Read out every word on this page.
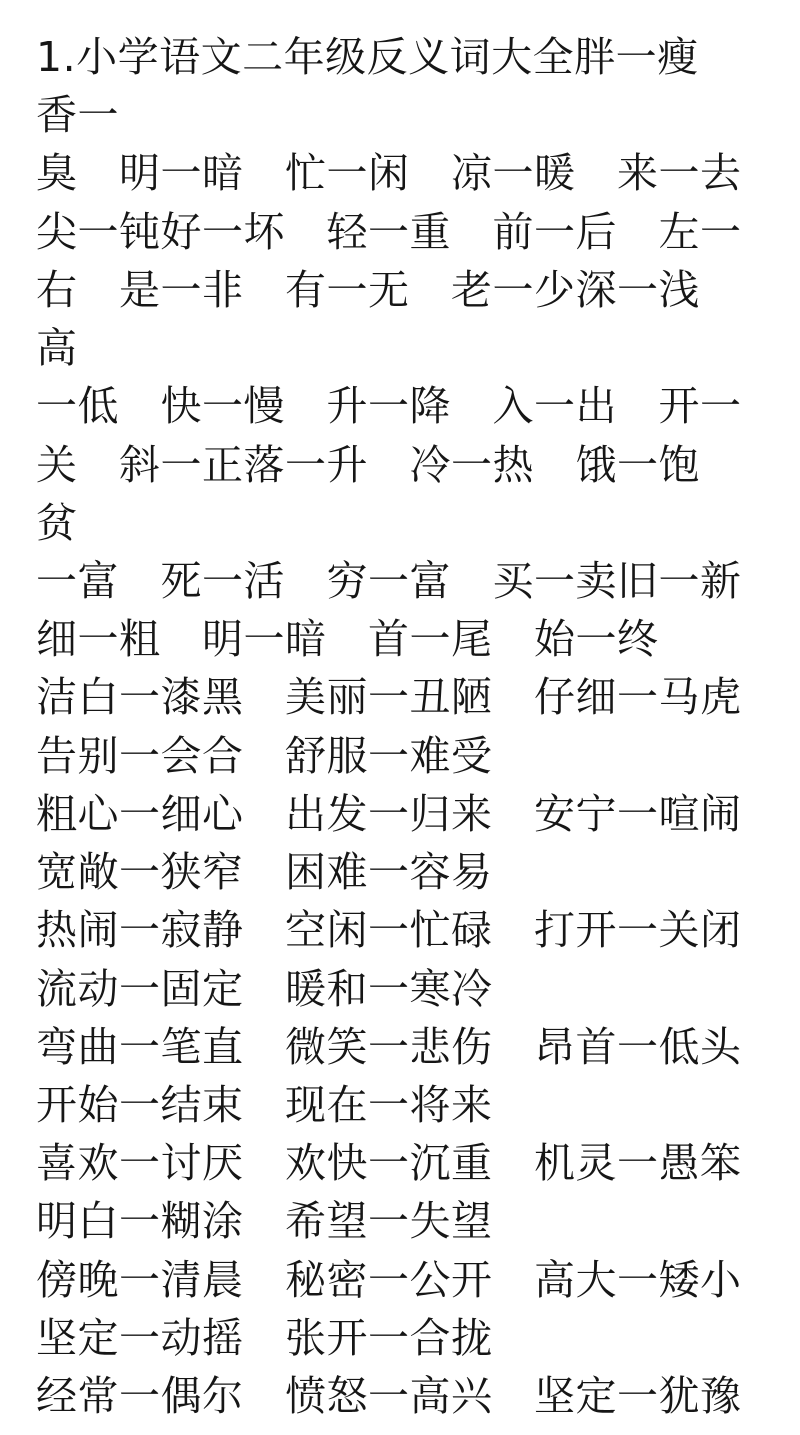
1.小学语文二年级反义词大全胖一瘦　香一
臭　明一暗　忙一闲　凉一暖　来一去
尖一钝好一坏　轻一重　前一后　左一
右　是一非　有一无　老一少深一浅　高
一低　快一慢　升一降　入一出　开一
关　斜一正落一升　冷一热　饿一饱　贫
一富　死一活　穷一富　买一卖旧一新
细一粗　明一暗　首一尾　始一终
洁白一漆黑　美丽一丑陋　仔细一马虎
告别一会合　舒服一难受
粗心一细心　出发一归来　安宁一喧闹
宽敞一狭窄　困难一容易
热闹一寂静　空闲一忙碌　打开一关闭
流动一固定　暖和一寒冷
弯曲一笔直　微笑一悲伤　昂首一低头
开始一结束　现在一将来
喜欢一讨厌　欢快一沉重　机灵一愚笨
明白一糊涂　希望一失望
傍晚一清晨　秘密一公开　高大一矮小
坚定一动摇　张开一合拢
经常一偶尔　愤怒一高兴　坚定一犹豫
